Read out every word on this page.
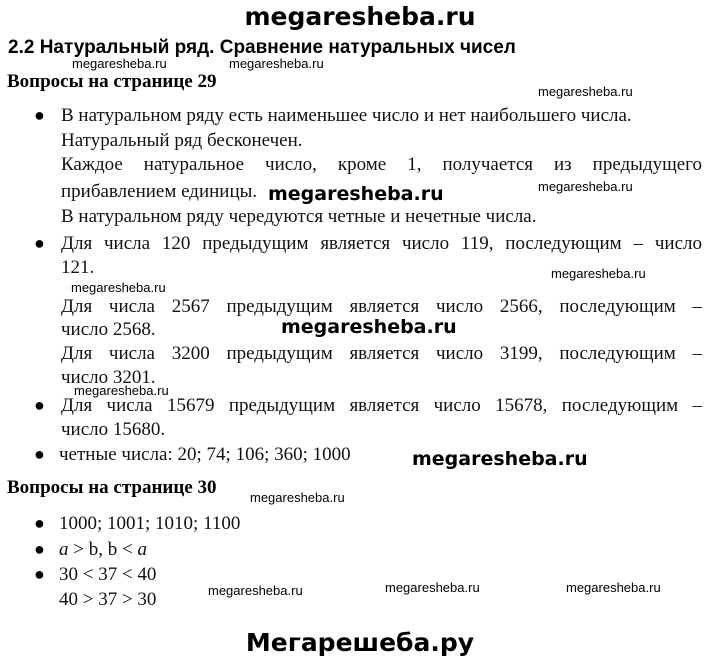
megaresheba.ru
2.2 Натуральный ряд. Сравнение натуральных чисел
megaresheba.ru	megaresheba.ru
Вопросы на странице 29	megaresheba.ru
● В натуральном ряду есть наименьшее число и нет наибольшего числа.
Натуральный ряд бесконечен.
Каждое натуральное число, кроме 1, получается из предыдущего
прибавлением единицы.	megaresheba.ru
megaresheba.ru
В натуральном ряду чередуются четные и нечетные числа.
● Для числа 120 предыдущим является число 119, последующим – число
121.
megaresheba.ru
megaresheba.ru
Для числа 2567 предыдущим является число 2566, последующим –
число 2568.	megaresheba.ru
Для числа 3200 предыдущим является число 3199, последующим –
число 3201.
megaresheba.ru
● Для числа 15679 предыдущим является число 15678, последующим –
число 15680.
● четные числа: 20; 74; 106; 360; 1000	megaresheba.ru
Вопросы на странице 30	megaresheba.ru
● 1000; 1001; 1010; 1100
● a > b, b < a
● 30 < 37 < 40
40 > 37 > 30	megaresheba.ru	megaresheba.ru	megaresheba.ru
Мегарешеба.ру
